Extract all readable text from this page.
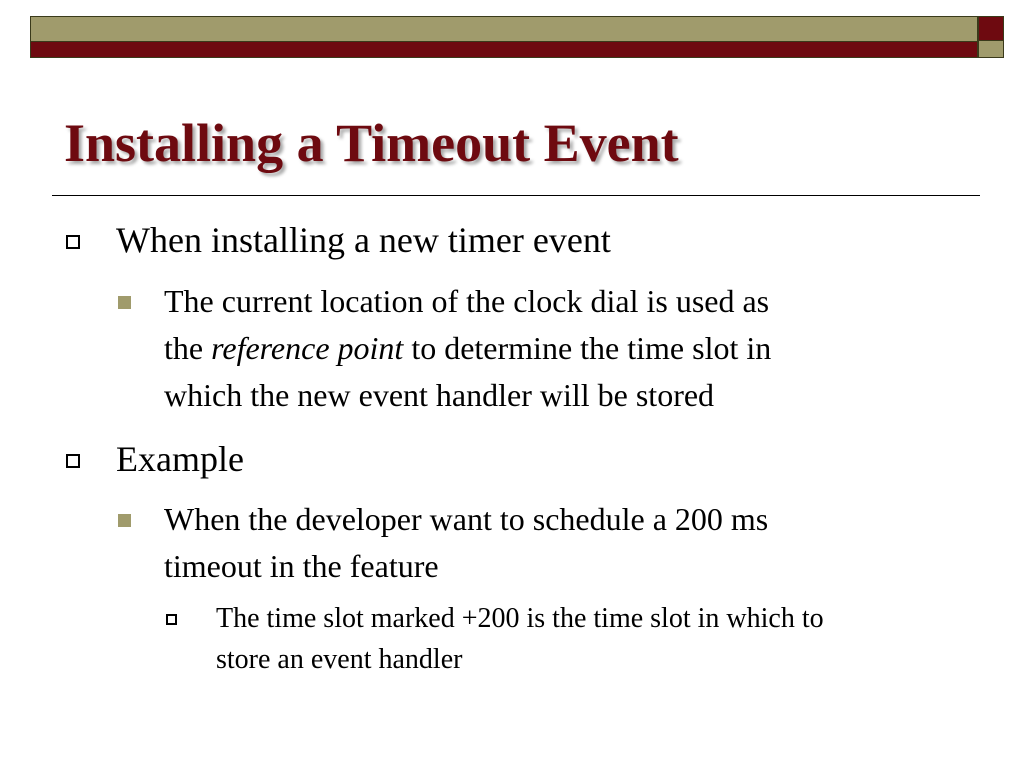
Installing a Timeout Event
When installing a new timer event
The current location of the clock dial is used as
the reference point to determine the time slot in
which the new event handler will be stored
Example
When the developer want to schedule a 200 ms
timeout in the feature
The time slot marked +200 is the time slot in which to
store an event handler
